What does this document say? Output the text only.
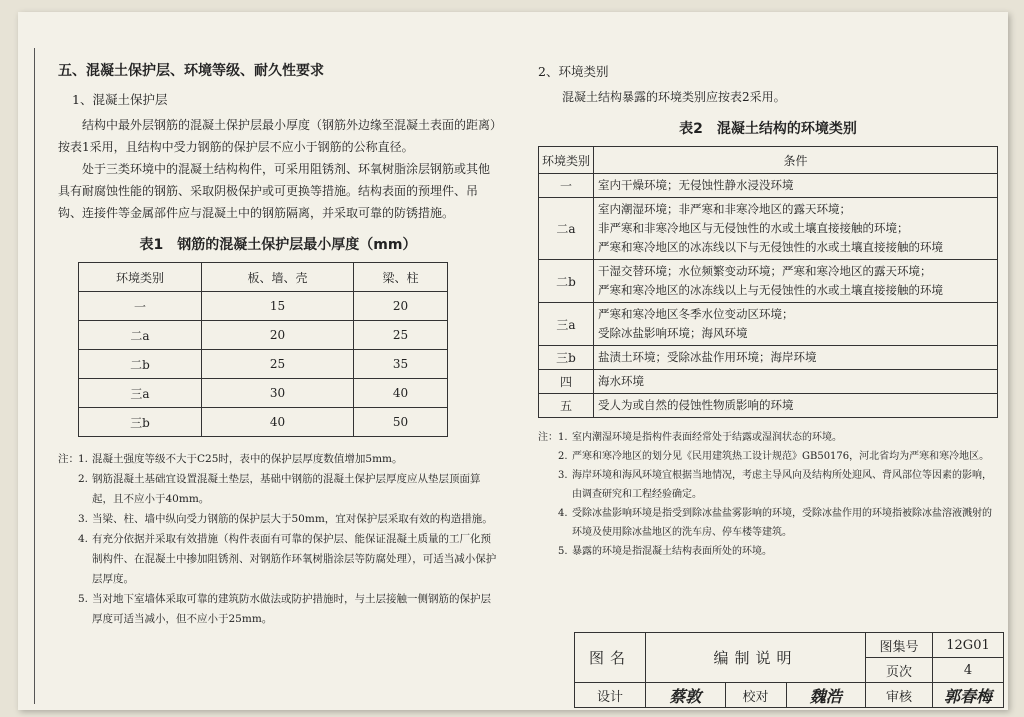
五、混凝土保护层、环境等级、耐久性要求
1、混凝土保护层

结构中最外层钢筋的混凝土保护层最小厚度（钢筋外边缘至混凝土表面的距离）按表1采用，且结构中受力钢筋的保护层不应小于钢筋的公称直径。

处于三类环境中的混凝土结构构件，可采用阻锈剂、环氧树脂涂层钢筋或其他具有耐腐蚀性能的钢筋、采取阴极保护或可更换等措施。结构表面的预埋件、吊钩、连接件等金属部件应与混凝土中的钢筋隔离，并采取可靠的防锈措施。

表1　钢筋的混凝土保护层最小厚度（mm）
环境类别	板、墙、壳	梁、柱
一	15	20
二a	20	25
二b	25	35
三a	30	40
三b	40	50
注： 1. 混凝土强度等级不大于C25时，表中的保护层厚度数值增加5mm。
2. 钢筋混凝土基础宜设置混凝土垫层，基础中钢筋的混凝土保护层厚度应从垫层顶面算起，且不应小于40mm。
3. 当梁、柱、墙中纵向受力钢筋的保护层大于50mm，宜对保护层采取有效的构造措施。
4. 有充分依据并采取有效措施（构件表面有可靠的保护层、能保证混凝土质量的工厂化预制构件、在混凝土中掺加阻锈剂、对钢筋作环氧树脂涂层等防腐处理），可适当减小保护层厚度。
5. 当对地下室墙体采取可靠的建筑防水做法或防护措施时，与土层接触一侧钢筋的保护层厚度可适当减小，但不应小于25mm。
2、环境类别

混凝土结构暴露的环境类别应按表2采用。

表2　混凝土结构的环境类别
环境类别	条件
一	室内干燥环境；无侵蚀性静水浸没环境

二a	室内潮湿环境；非严寒和非寒冷地区的露天环境；
非严寒和非寒冷地区与无侵蚀性的水或土壤直接接触的环境；
严寒和寒冷地区的冰冻线以下与无侵蚀性的水或土壤直接接触的环境

二b	干湿交替环境；水位频繁变动环境；严寒和寒冷地区的露天环境；
严寒和寒冷地区的冰冻线以上与无侵蚀性的水或土壤直接接触的环境

三a	严寒和寒冷地区冬季水位变动区环境；
受除冰盐影响环境；海风环境

三b	盐渍土环境；受除冰盐作用环境；海岸环境

四	海水环境

五	受人为或自然的侵蚀性物质影响的环境
注： 1. 室内潮湿环境是指构件表面经常处于结露或湿润状态的环境。
2. 严寒和寒冷地区的划分见《民用建筑热工设计规范》GB50176，河北省均为严寒和寒冷地区。
3. 海岸环境和海风环境宜根据当地情况，考虑主导风向及结构所处迎风、背风部位等因素的影响，由调查研究和工程经验确定。
4. 受除冰盐影响环境是指受到除冰盐盐雾影响的环境，受除冰盐作用的环境指被除冰盐溶液溅射的环境及使用除冰盐地区的洗车房、停车楼等建筑。
5. 暴露的环境是指混凝土结构表面所处的环境。
图名	编制说明			图集号	12G01
				页次	4
设计	蔡敦	校对	魏浩	审核	郭春梅
